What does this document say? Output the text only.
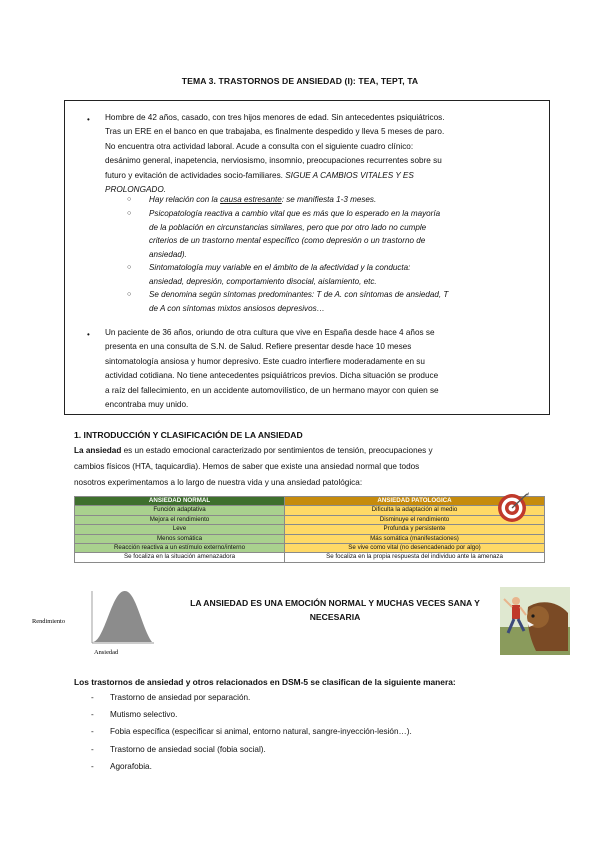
TEMA 3. TRASTORNOS DE ANSIEDAD (I): TEA, TEPT, TA
• Hombre de 42 años, casado, con tres hijos menores de edad. Sin antecedentes psiquiátricos.
Tras un ERE en el banco en que trabajaba, es finalmente despedido y lleva 5 meses de paro.
No encuentra otra actividad laboral. Acude a consulta con el siguiente cuadro clínico:
desánimo general, inapetencia, nerviosismo, insomnio, preocupaciones recurrentes sobre su
futuro y evitación de actividades socio-familiares. SIGUE A CAMBIOS VITALES Y ES
PROLONGADO.
○ Hay relación con la causa estresante: se manifiesta 1-3 meses.
○ Psicopatología reactiva a cambio vital que es más que lo esperado en la mayoría
de la población en circunstancias similares, pero que por otro lado no cumple
criterios de un trastorno mental específico (como depresión o un trastorno de
ansiedad).
○ Sintomatología muy variable en el ámbito de la afectividad y la conducta:
ansiedad, depresión, comportamiento disocial, aislamiento, etc.
○ Se denomina según síntomas predominantes: T de A. con síntomas de ansiedad, T
de A con síntomas mixtos ansiosos depresivos…
• Un paciente de 36 años, oriundo de otra cultura que vive en España desde hace 4 años se
presenta en una consulta de S.N. de Salud. Refiere presentar desde hace 10 meses
sintomatología ansiosa y humor depresivo. Este cuadro interfiere moderadamente en su
actividad cotidiana. No tiene antecedentes psiquiátricos previos. Dicha situación se produce
a raíz del fallecimiento, en un accidente automovilístico, de un hermano mayor con quien se
encontraba muy unido.
1. INTRODUCCIÓN Y CLASIFICACIÓN DE LA ANSIEDAD
La ansiedad es un estado emocional caracterizado por sentimientos de tensión, preocupaciones y
cambios físicos (HTA, taquicardia). Hemos de saber que existe una ansiedad normal que todos
nosotros experimentamos a lo largo de nuestra vida y una ansiedad patológica:
ANSIEDAD NORMAL	ANSIEDAD PATOLÓGICA
Función adaptativa	Dificulta la adaptación al medio
Mejora el rendimiento	Disminuye el rendimiento
Leve	Profunda y persistente
Menos somática	Más somática (manifestaciones)
Reacción reactiva a un estímulo externo/interno	Se vive como vital (no desencadenado por algo)
Se focaliza en la situación amenazadora	Se focaliza en la propia respuesta del individuo ante la amenaza
Rendimiento
Ansiedad
LA ANSIEDAD ES UNA EMOCIÓN NORMAL Y MUCHAS VECES SANA Y NECESARIA
Los trastornos de ansiedad y otros relacionados en DSM-5 se clasifican de la siguiente manera:
- Trastorno de ansiedad por separación.
- Mutismo selectivo.
- Fobia específica (especificar si animal, entorno natural, sangre-inyección-lesión…).
- Trastorno de ansiedad social (fobia social).
- Agorafobia.
